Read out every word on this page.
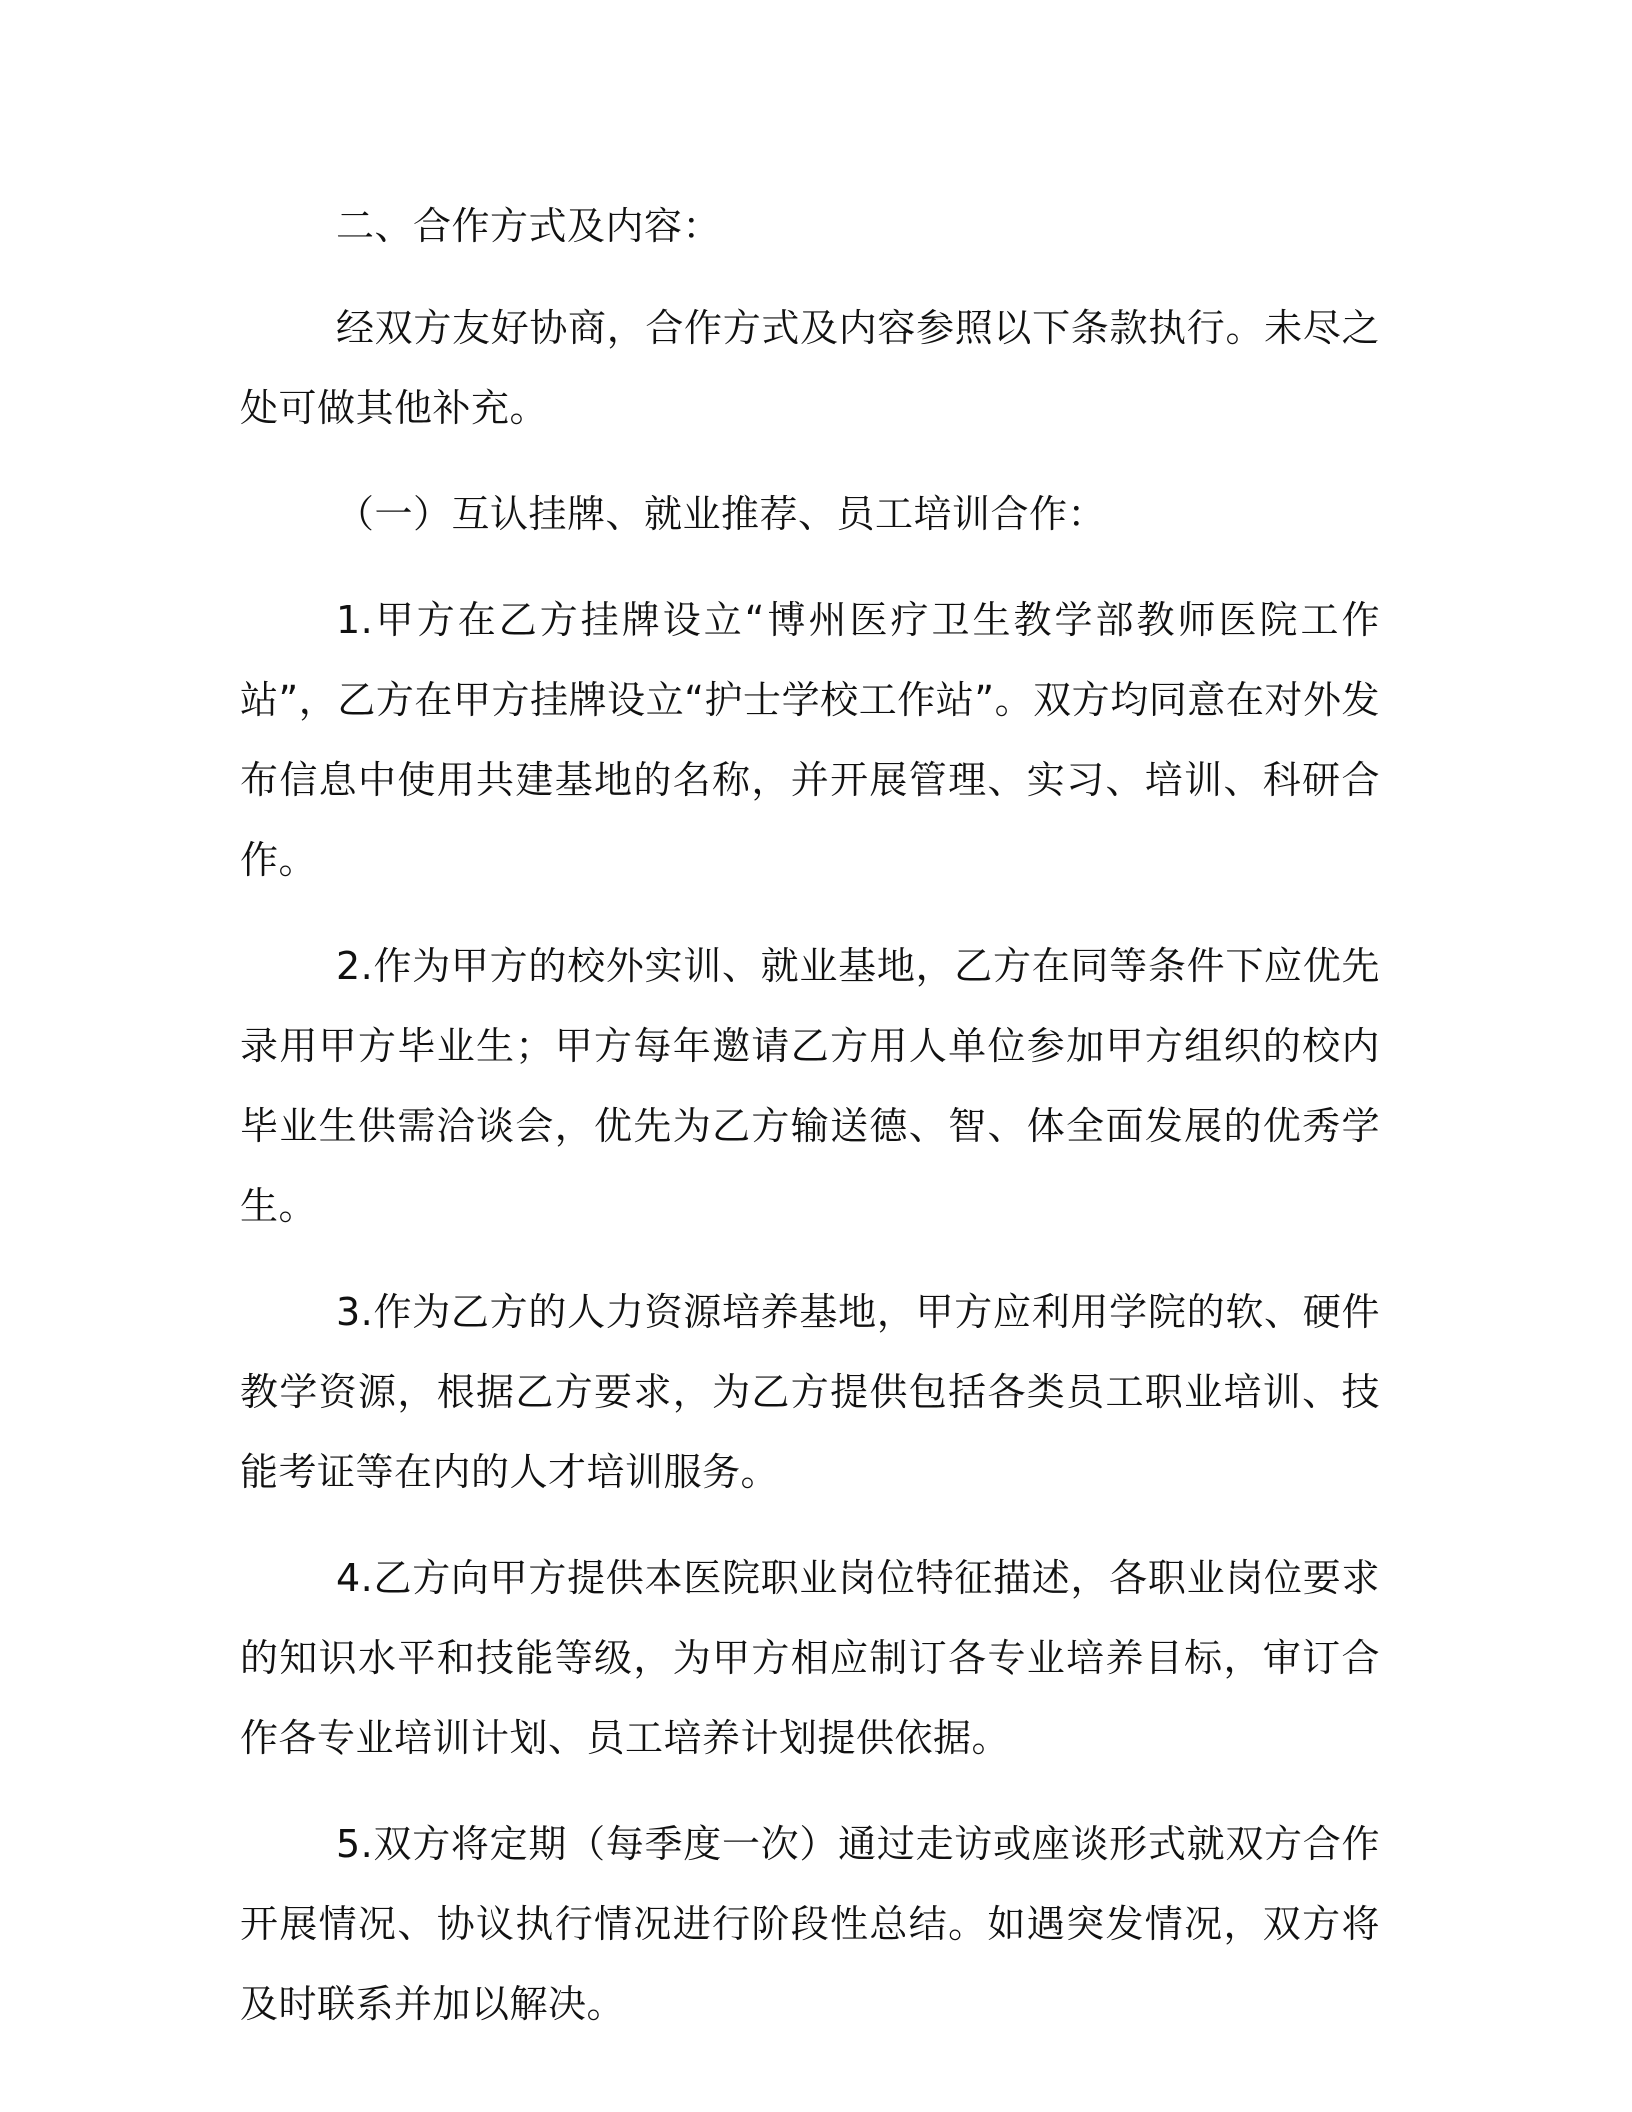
二、合作方式及内容：

经双方友好协商，合作方式及内容参照以下条款执行。未尽之处可做其他补充。

（一）互认挂牌、就业推荐、员工培训合作：

1.甲方在乙方挂牌设立“博州医疗卫生教学部教师医院工作站”，乙方在甲方挂牌设立“护士学校工作站”。双方均同意在对外发布信息中使用共建基地的名称，并开展管理、实习、培训、科研合作。

2.作为甲方的校外实训、就业基地，乙方在同等条件下应优先录用甲方毕业生；甲方每年邀请乙方用人单位参加甲方组织的校内毕业生供需洽谈会，优先为乙方输送德、智、体全面发展的优秀学生。

3.作为乙方的人力资源培养基地，甲方应利用学院的软、硬件教学资源，根据乙方要求，为乙方提供包括各类员工职业培训、技能考证等在内的人才培训服务。

4.乙方向甲方提供本医院职业岗位特征描述，各职业岗位要求的知识水平和技能等级，为甲方相应制订各专业培养目标，审订合作各专业培训计划、员工培养计划提供依据。

5.双方将定期（每季度一次）通过走访或座谈形式就双方合作开展情况、协议执行情况进行阶段性总结。如遇突发情况，双方将及时联系并加以解决。
